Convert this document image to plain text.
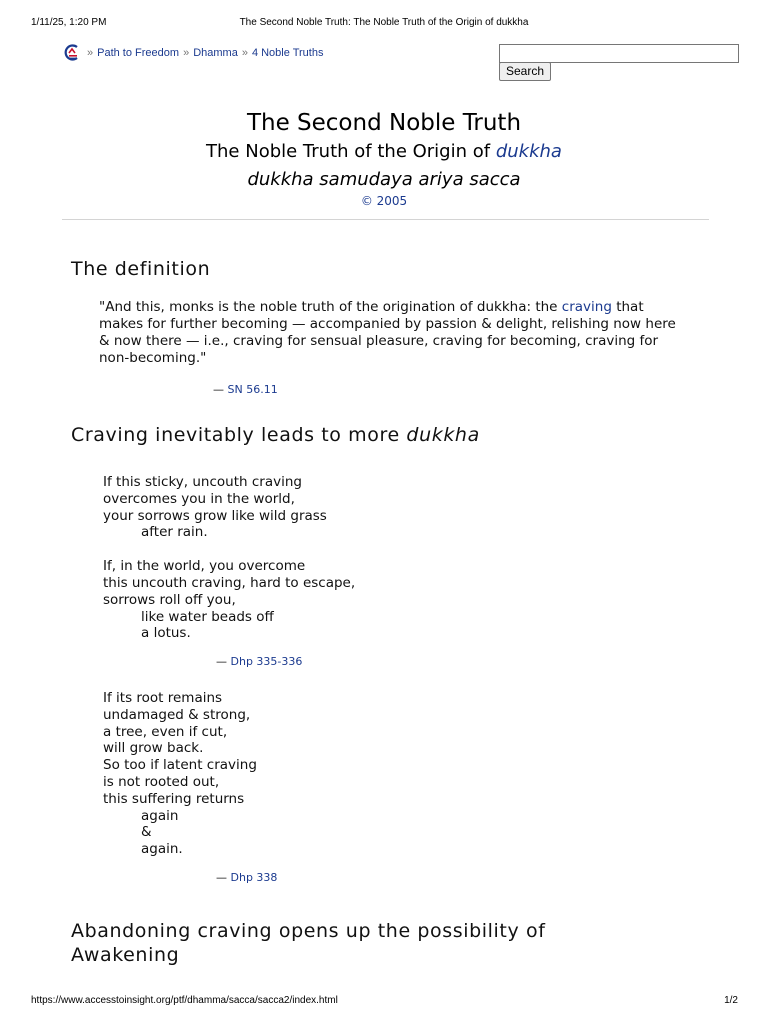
1/11/25, 1:20 PM	The Second Noble Truth: The Noble Truth of the Origin of dukkha
» Path to Freedom » Dhamma » 4 Noble Truths
Search
The Second Noble Truth
The Noble Truth of the Origin of dukkha
dukkha samudaya ariya sacca
© 2005
The definition
"And this, monks is the noble truth of the origination of dukkha: the craving that makes for further becoming — accompanied by passion & delight, relishing now here & now there — i.e., craving for sensual pleasure, craving for becoming, craving for non-becoming."
— SN 56.11
Craving inevitably leads to more dukkha
If this sticky, uncouth craving
overcomes you in the world,
your sorrows grow like wild grass
after rain.
If, in the world, you overcome
this uncouth craving, hard to escape,
sorrows roll off you,
like water beads off
a lotus.
— Dhp 335-336
If its root remains
undamaged & strong,
a tree, even if cut,
will grow back.
So too if latent craving
is not rooted out,
this suffering returns
again
&
again.
— Dhp 338
Abandoning craving opens up the possibility of
Awakening
https://www.accesstoinsight.org/ptf/dhamma/sacca/sacca2/index.html	1/2
